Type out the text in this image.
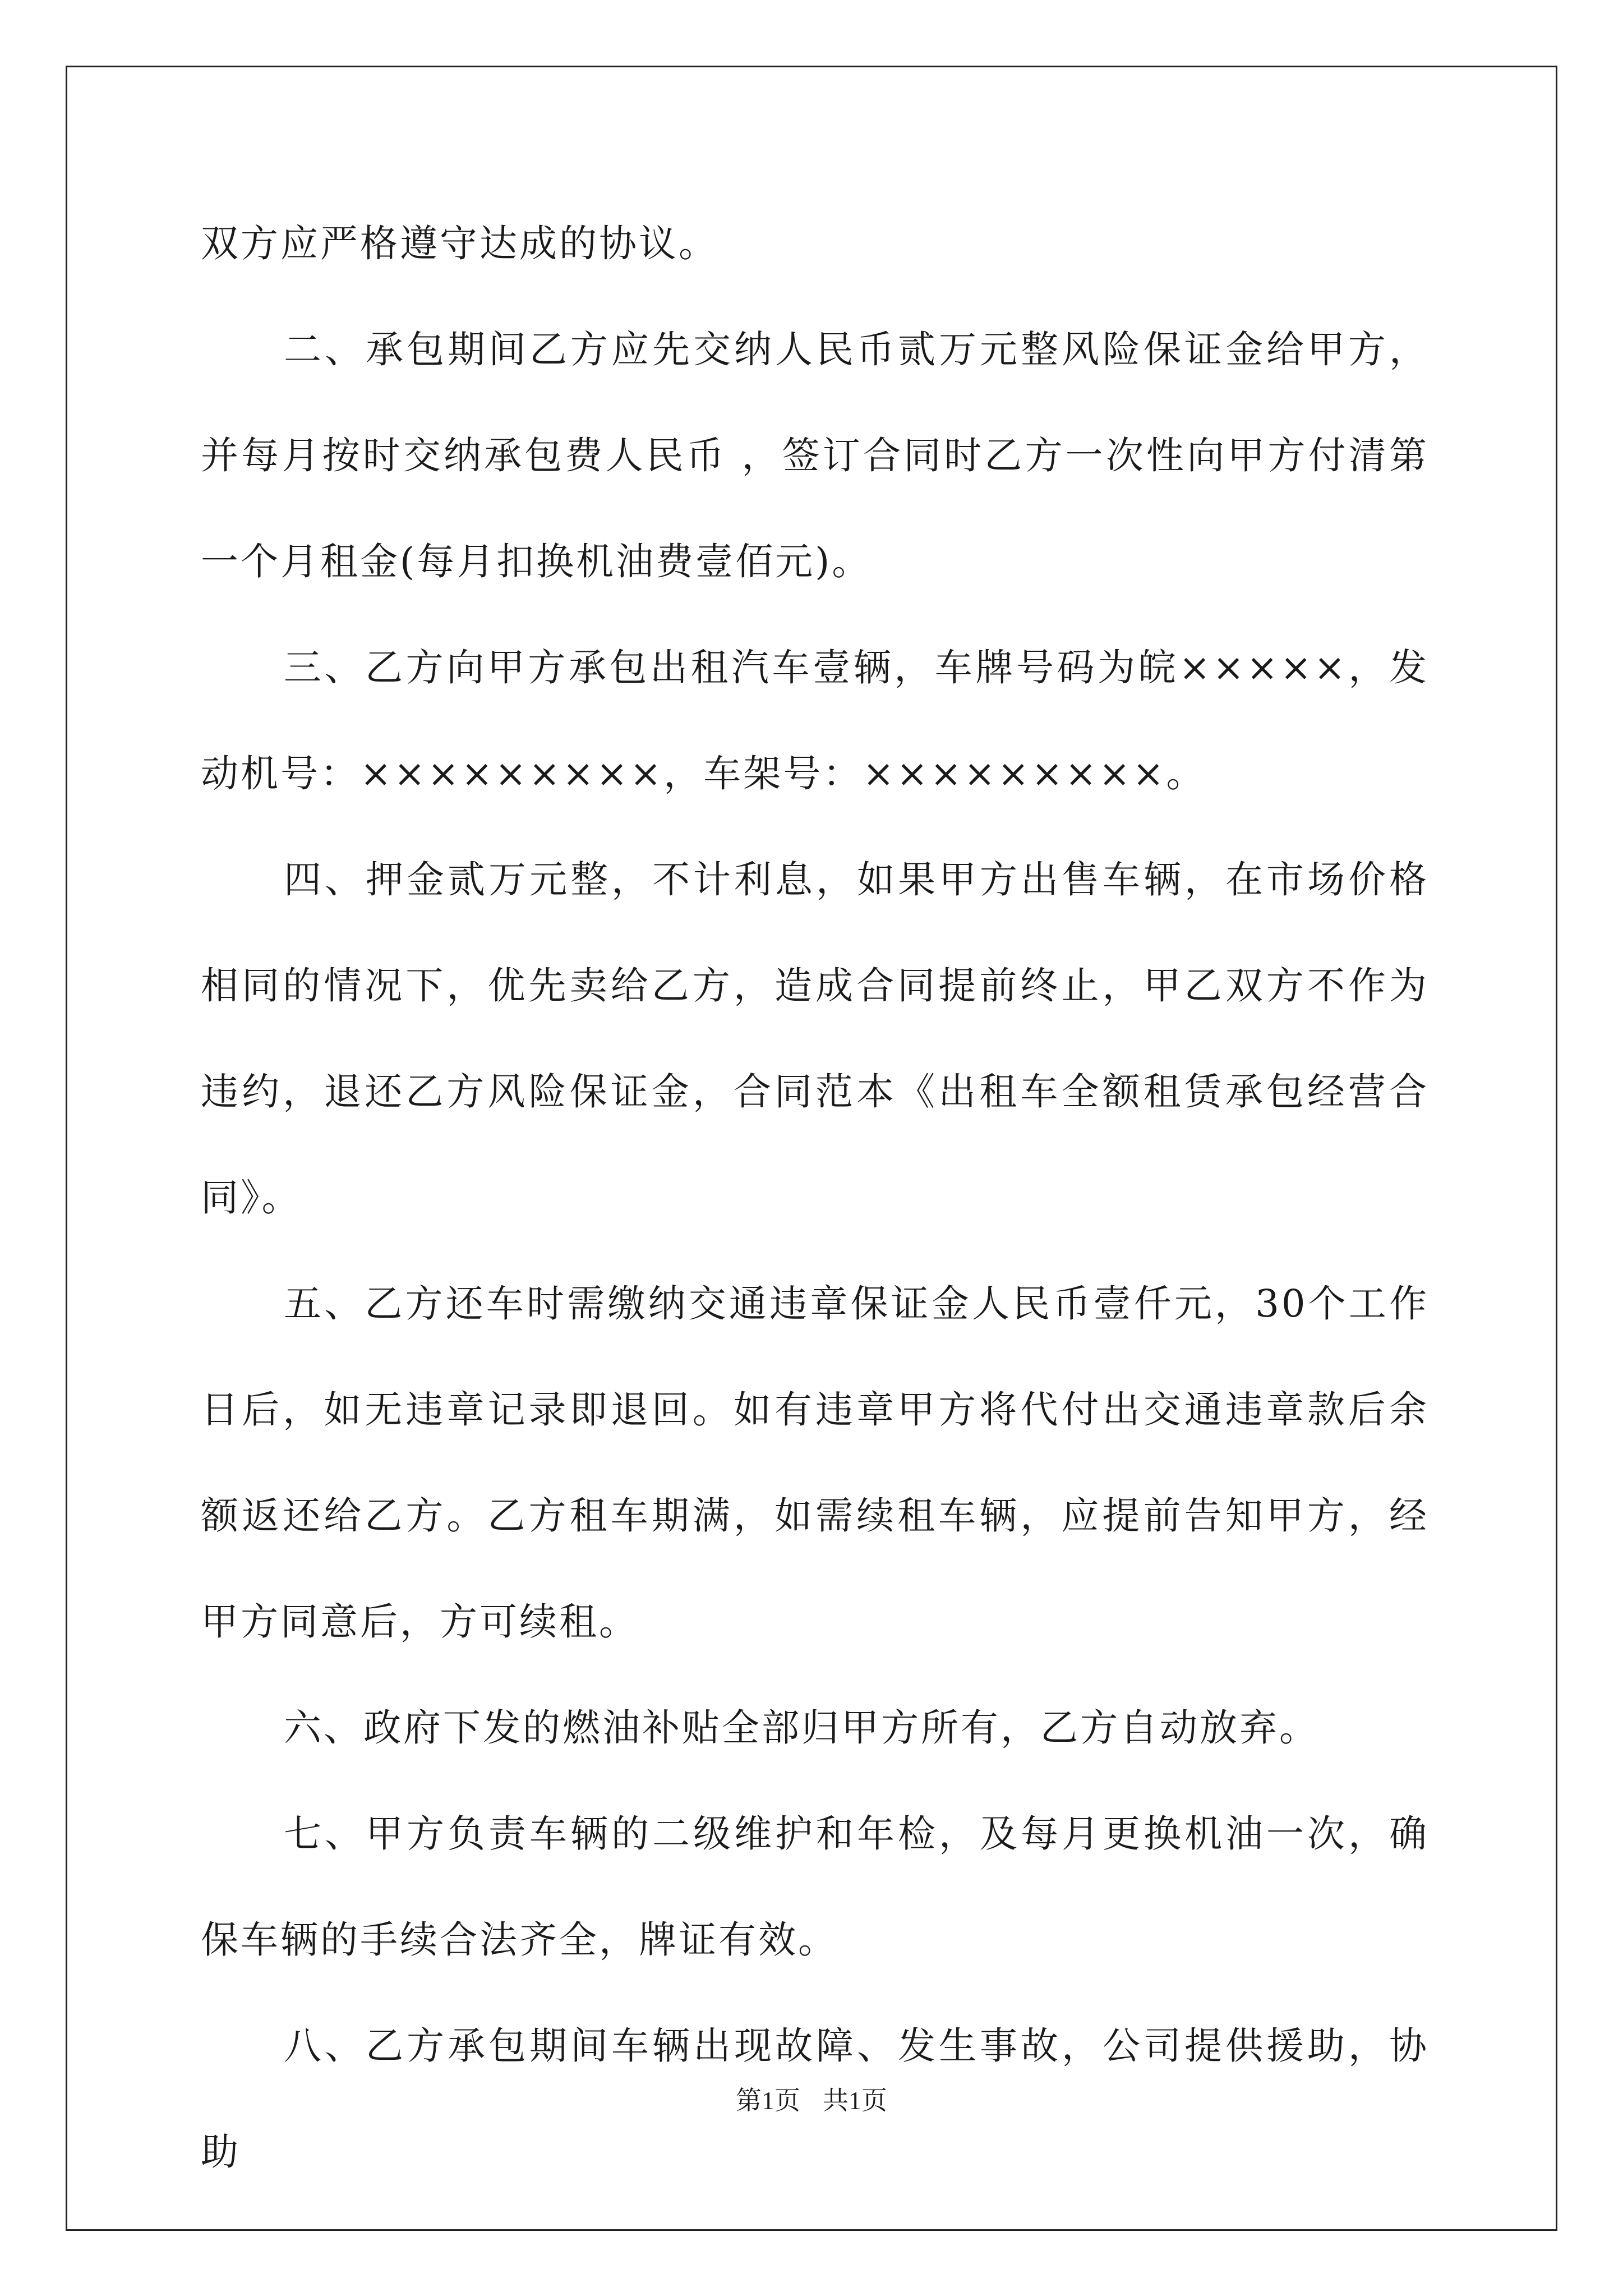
双方应严格遵守达成的协议。

二、承包期间乙方应先交纳人民币贰万元整风险保证金给甲方，并每月按时交纳承包费人民币 ，签订合同时乙方一次性向甲方付清第一个月租金(每月扣换机油费壹佰元)。

三、乙方向甲方承包出租汽车壹辆，车牌号码为皖×××××，发动机号：×××××××××，车架号：×××××××××。

四、押金贰万元整，不计利息，如果甲方出售车辆，在市场价格相同的情况下，优先卖给乙方，造成合同提前终止，甲乙双方不作为违约，退还乙方风险保证金，合同范本《出租车全额租赁承包经营合同》。

五、乙方还车时需缴纳交通违章保证金人民币壹仟元，30个工作日后，如无违章记录即退回。如有违章甲方将代付出交通违章款后余额返还给乙方。乙方租车期满，如需续租车辆，应提前告知甲方，经甲方同意后，方可续租。

六、政府下发的燃油补贴全部归甲方所有，乙方自动放弃。

七、甲方负责车辆的二级维护和年检，及每月更换机油一次，确保车辆的手续合法齐全，牌证有效。

八、乙方承包期间车辆出现故障、发生事故，公司提供援助，协助

第1页 共1页
